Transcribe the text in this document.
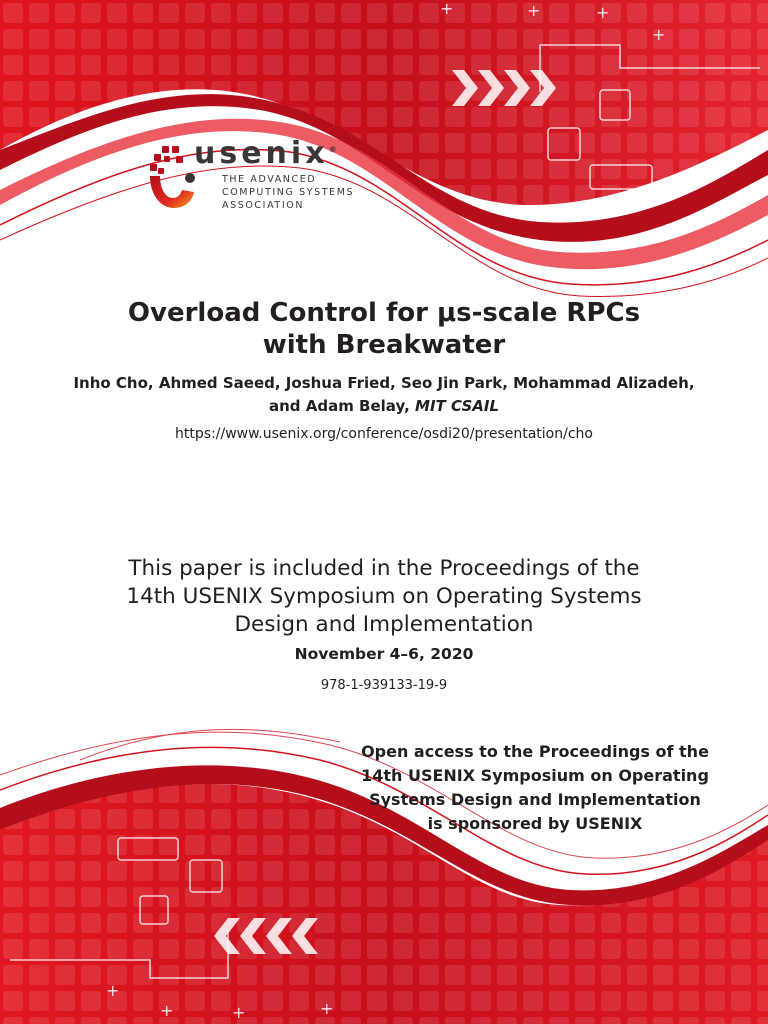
+
+
+
+
+	+
+
+
usenix®
THE ADVANCED
COMPUTING SYSTEMS
ASSOCIATION
Overload Control for μs-scale RPCs
with Breakwater
Inho Cho, Ahmed Saeed, Joshua Fried, Seo Jin Park, Mohammad Alizadeh,
and Adam Belay, MIT CSAIL
https://www.usenix.org/conference/osdi20/presentation/cho
This paper is included in the Proceedings of the
14th USENIX Symposium on Operating Systems
Design and Implementation
November 4–6, 2020
978-1-939133-19-9
Open access to the Proceedings of the
14th USENIX Symposium on Operating
Systems Design and Implementation
is sponsored by USENIX
